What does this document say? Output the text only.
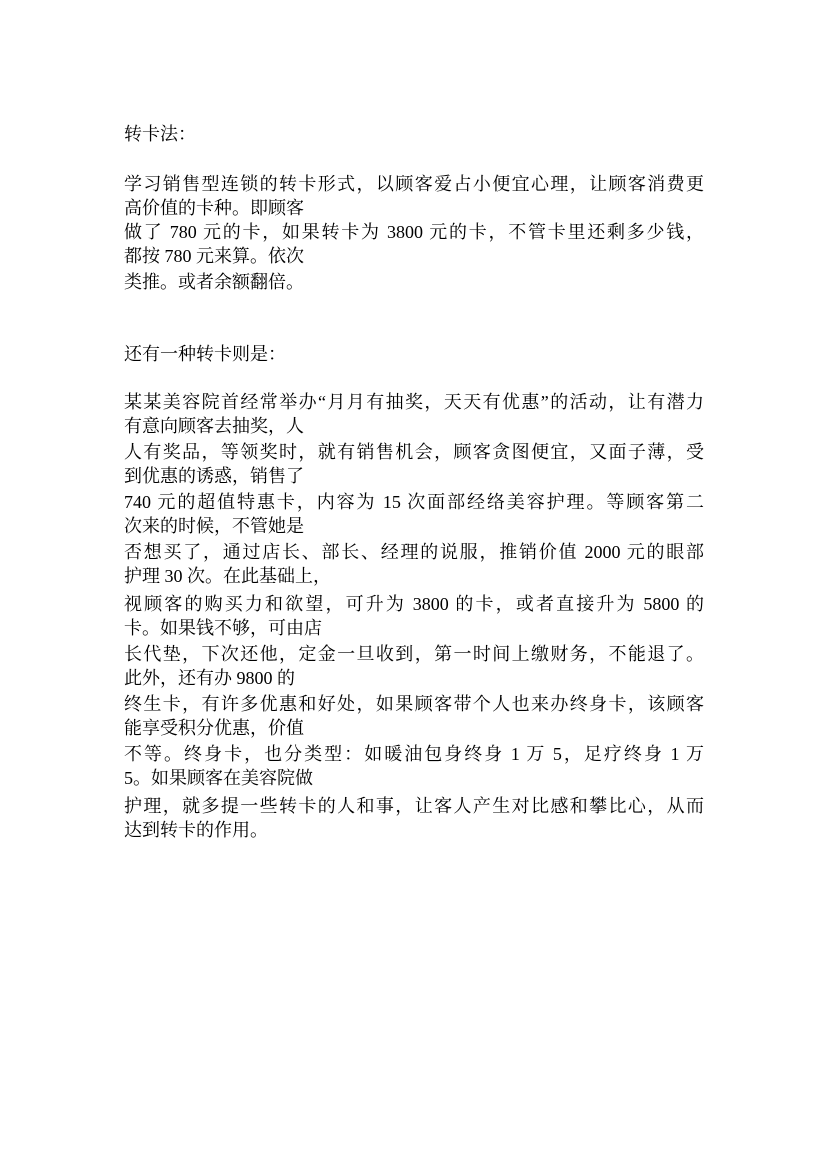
转卡法：
学习销售型连锁的转卡形式，以顾客爱占小便宜心理，让顾客消费更
高价值的卡种。即顾客
做了 780 元的卡，如果转卡为 3800 元的卡，不管卡里还剩多少钱，
都按 780 元来算。依次
类推。或者余额翻倍。
还有一种转卡则是：
某某美容院首经常举办“月月有抽奖，天天有优惠”的活动，让有潜力
有意向顾客去抽奖，人
人有奖品，等领奖时，就有销售机会，顾客贪图便宜，又面子薄，受
到优惠的诱惑，销售了
740 元的超值特惠卡，内容为 15 次面部经络美容护理。等顾客第二
次来的时候，不管她是
否想买了，通过店长、部长、经理的说服，推销价值 2000 元的眼部
护理 30 次。在此基础上，
视顾客的购买力和欲望，可升为 3800 的卡，或者直接升为 5800 的
卡。如果钱不够，可由店
长代垫，下次还他，定金一旦收到，第一时间上缴财务，不能退了。
此外，还有办 9800 的
终生卡，有许多优惠和好处，如果顾客带个人也来办终身卡，该顾客
能享受积分优惠，价值
不等。终身卡，也分类型：如暖油包身终身 1 万 5，足疗终身 1 万
5。如果顾客在美容院做
护理，就多提一些转卡的人和事，让客人产生对比感和攀比心，从而
达到转卡的作用。
